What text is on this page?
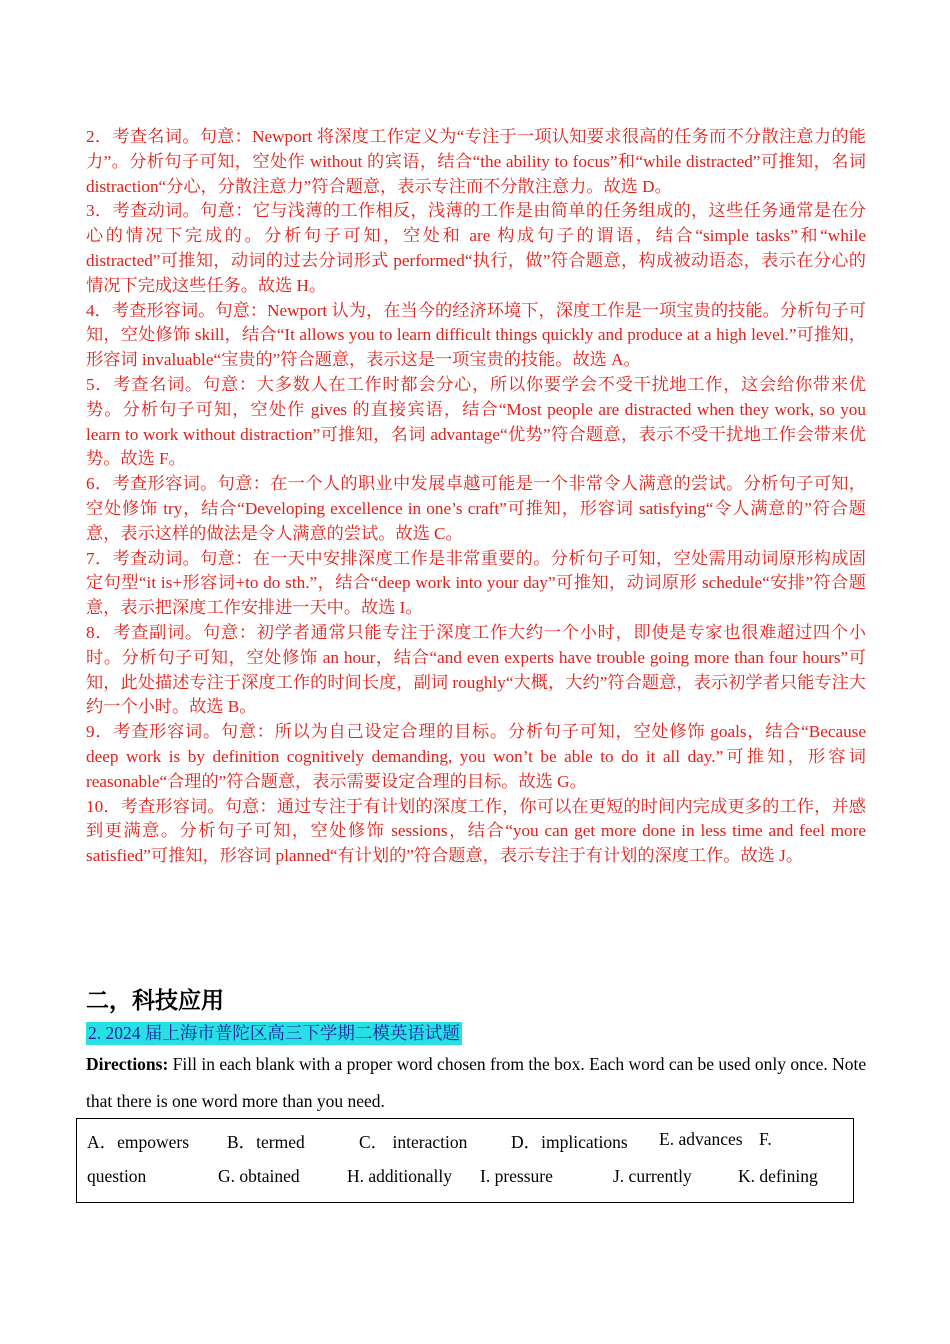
2．考查名词。句意：Newport 将深度工作定义为“专注于一项认知要求很高的任务而不分散注意力的能力”。分析句子可知，空处作 without 的宾语，结合“the ability to focus”和“while distracted”可推知，名词 distraction“分心，分散注意力”符合题意，表示专注而不分散注意力。故选 D。

3．考查动词。句意：它与浅薄的工作相反，浅薄的工作是由简单的任务组成的，这些任务通常是在分心的情况下完成的。分析句子可知，空处和 are 构成句子的谓语，结合“simple tasks”和“while distracted”可推知，动词的过去分词形式 performed“执行，做”符合题意，构成被动语态，表示在分心的情况下完成这些任务。故选 H。

4．考查形容词。句意：Newport 认为，在当今的经济环境下，深度工作是一项宝贵的技能。分析句子可知，空处修饰 skill，结合“It allows you to learn difficult things quickly and produce at a high level.”可推知，形容词 invaluable“宝贵的”符合题意，表示这是一项宝贵的技能。故选 A。

5．考查名词。句意：大多数人在工作时都会分心，所以你要学会不受干扰地工作，这会给你带来优势。分析句子可知，空处作 gives 的直接宾语，结合“Most people are distracted when they work, so you learn to work without distraction”可推知，名词 advantage“优势”符合题意，表示不受干扰地工作会带来优势。故选 F。

6．考查形容词。句意：在一个人的职业中发展卓越可能是一个非常令人满意的尝试。分析句子可知，空处修饰 try，结合“Developing excellence in one’s craft”可推知，形容词 satisfying“令人满意的”符合题意，表示这样的做法是令人满意的尝试。故选 C。

7．考查动词。句意：在一天中安排深度工作是非常重要的。分析句子可知，空处需用动词原形构成固定句型“it is+形容词+to do sth.”，结合“deep work into your day”可推知，动词原形 schedule“安排”符合题意，表示把深度工作安排进一天中。故选 I。

8．考查副词。句意：初学者通常只能专注于深度工作大约一个小时，即使是专家也很难超过四个小时。分析句子可知，空处修饰 an hour，结合“and even experts have trouble going more than four hours”可知，此处描述专注于深度工作的时间长度，副词 roughly“大概，大约”符合题意，表示初学者只能专注大约一个小时。故选 B。

9．考查形容词。句意：所以为自己设定合理的目标。分析句子可知，空处修饰 goals，结合“Because deep work is by definition cognitively demanding, you won’t be able to do it all day.”可推知，形容词 reasonable“合理的”符合题意，表示需要设定合理的目标。故选 G。

10．考查形容词。句意：通过专注于有计划的深度工作，你可以在更短的时间内完成更多的工作，并感到更满意。分析句子可知，空处修饰 sessions，结合“you can get more done in less time and feel more satisfied”可推知，形容词 planned“有计划的”符合题意，表示专注于有计划的深度工作。故选 J。

二，科技应用
2. 2024 届上海市普陀区高三下学期二模英语试题
Directions: Fill in each blank with a proper word chosen from the box. Each word can be used only once. Note that there is one word more than you need.
A．empowers B．termed	C． interaction D．implications E. advances F.
question	G. obtained	H. additionally I. pressure	J. currently	K. defining
